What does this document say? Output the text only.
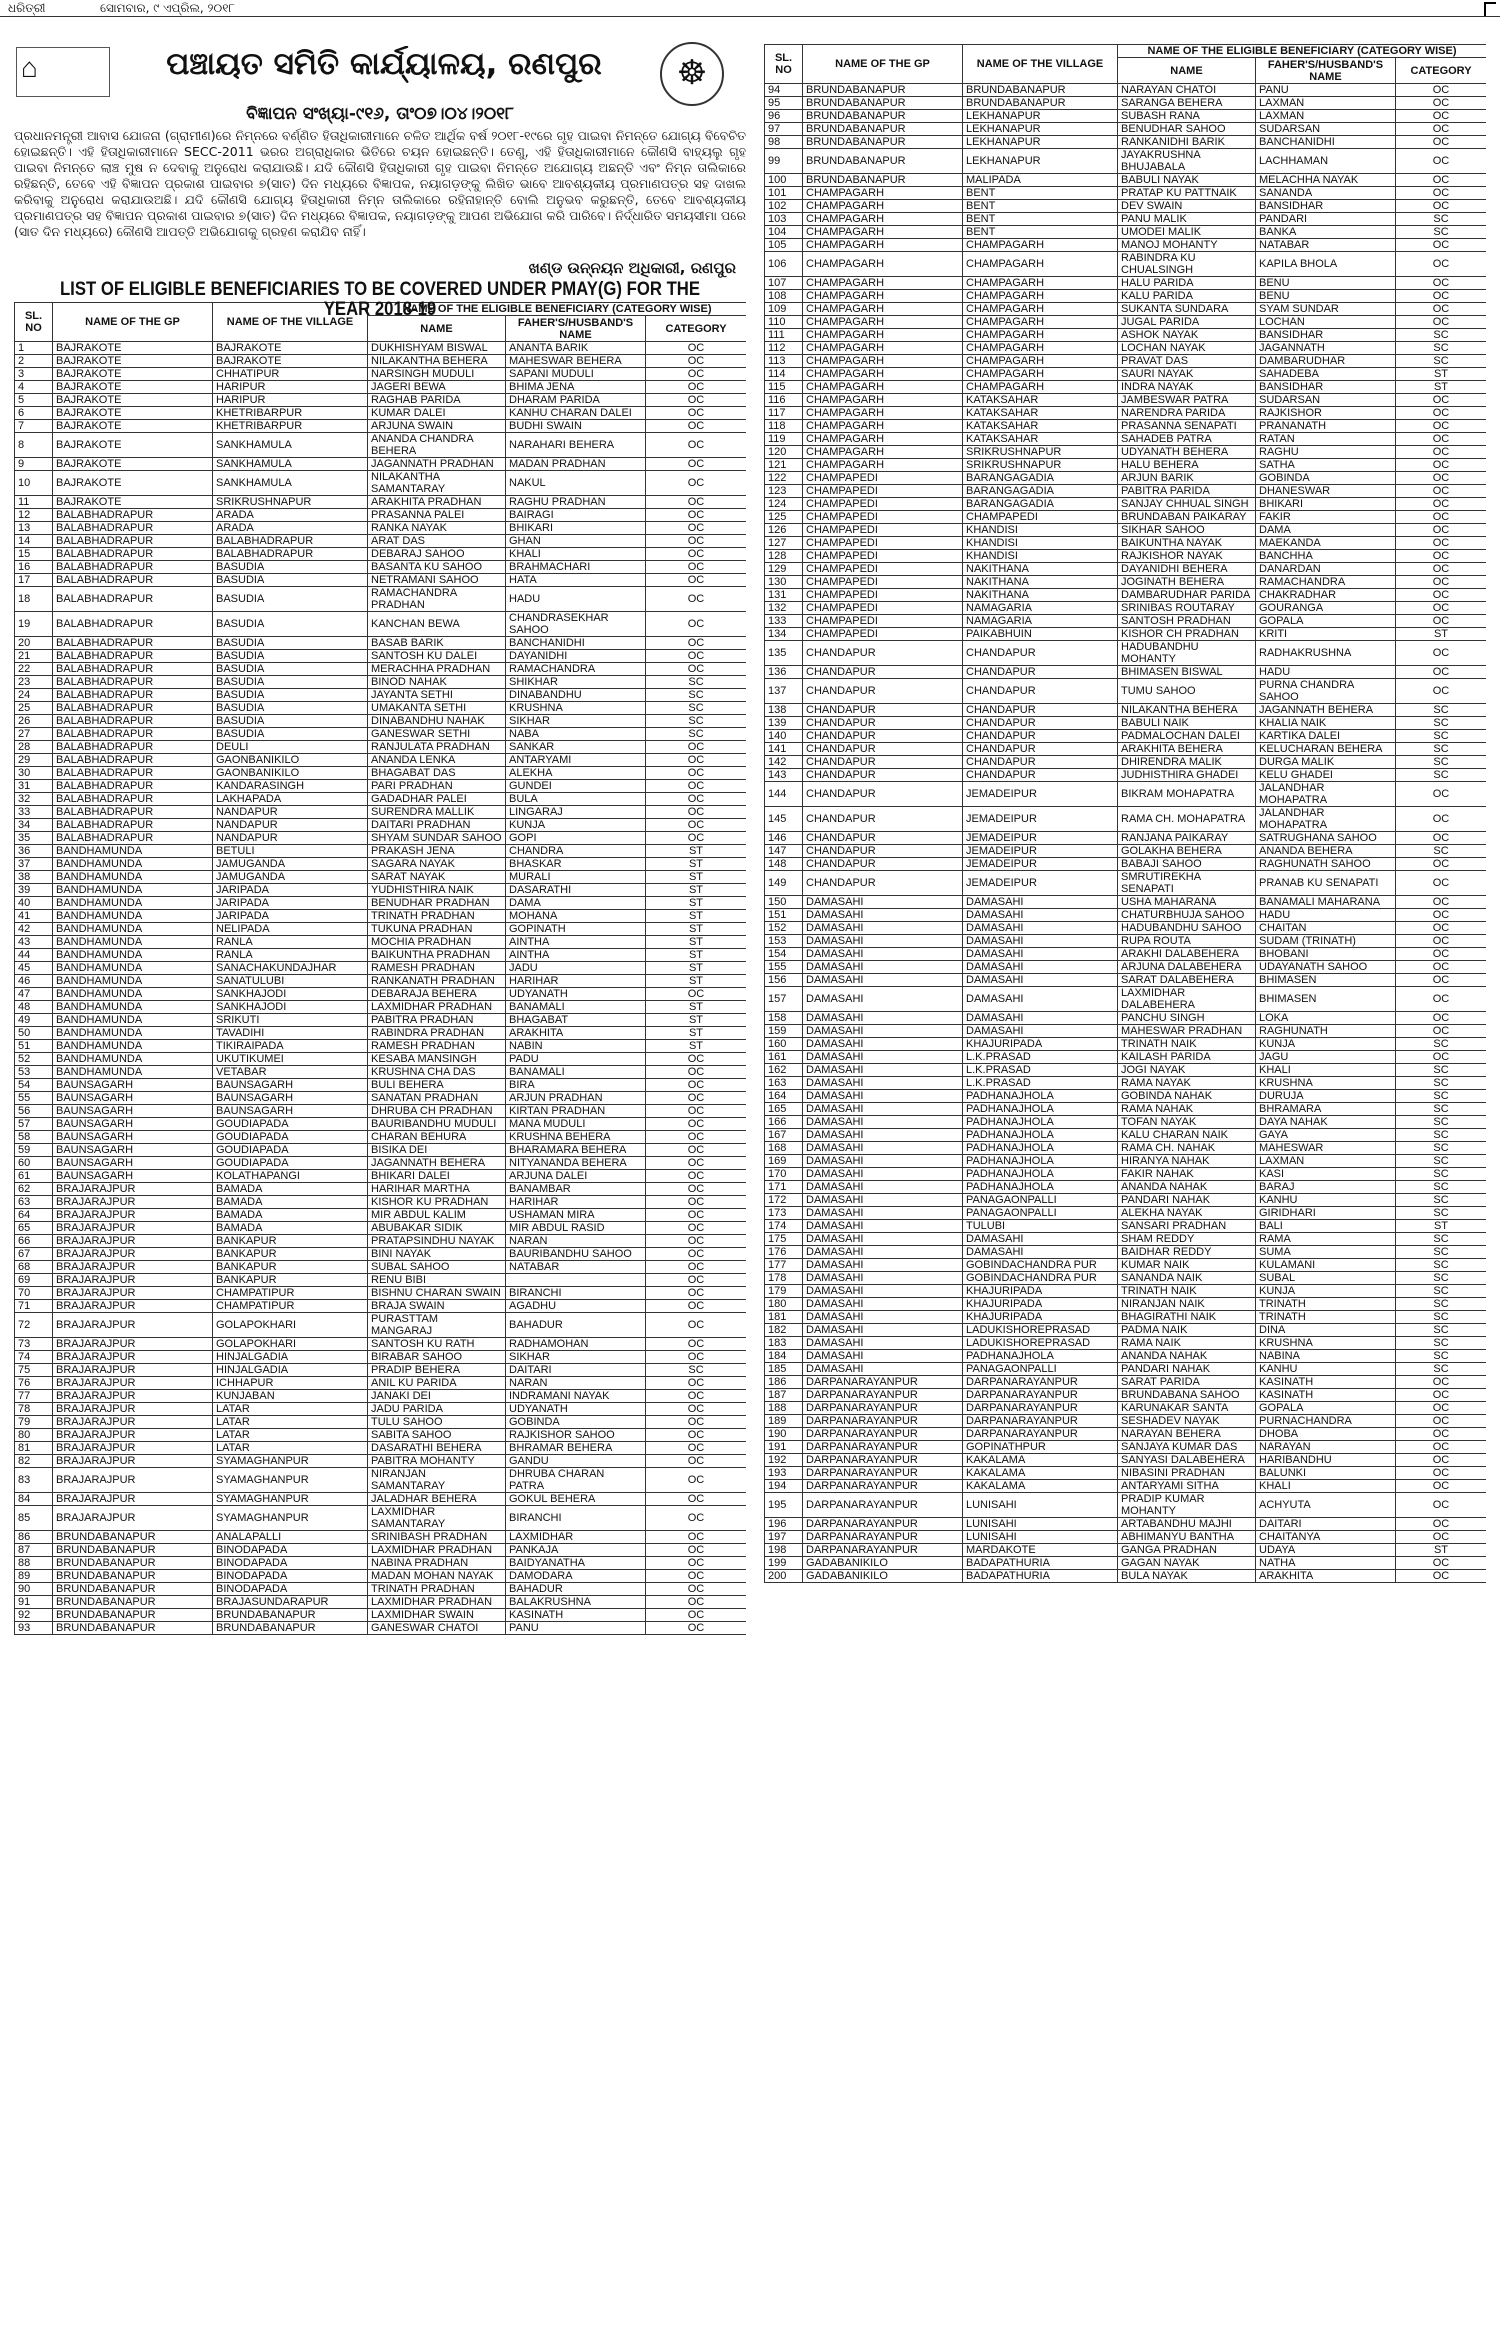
ଧରିତ୍ରୀ	ସୋମବାର, ୯ ଏପ୍ରିଲ, ୨୦୧୮
⌂	ପଞ୍ଚାୟତ ସମିତି କାର୍ଯ୍ୟାଳୟ, ରଣପୁର	☸
ବିଜ୍ଞାପନ ସଂଖ୍ୟା-୯୧୬, ତାଂ୦୭।୦୪।୨୦୧୮
ପ୍ରଧାନମନ୍ତ୍ରୀ ଆବାସ ଯୋଜନା (ଗ୍ରାମୀଣ)ରେ ନିମ୍ନରେ ବର୍ଣ୍ଣିତ ହିତାଧିକାରୀମାନେ ଚଳିତ ଆର୍ଥିକ ବର୍ଷ ୨୦୧୮-୧୯ରେ ଗୃହ ପାଇବା ନିମନ୍ତେ ଯୋଗ୍ୟ ବିବେଚିତ ହୋଇଛନ୍ତି। ଏହି ହିତାଧିକାରୀମାନେ SECC-2011 ଭରର ଅଗ୍ରାଧିକାର ଭିତିରେ ଚୟନ ହୋଇଛନ୍ତି। ତେଣୁ, ଏହି ହିତାଧିକାରୀମାନେ କୌଣସି ବାହ୍ୟଲୁ ଗୃହ ପାଇବା ନିମନ୍ତେ ଲାଞ୍ଚ ମୁଷ ନ ଦେବାକୁ ଅନୁରୋଧ କରାଯାଉଛି। ଯଦି କୌଣସି ହିତାଧିକାରୀ ଗୃହ ପାଇବା ନିମନ୍ତେ ଅଯୋଗ୍ୟ ଅଛନ୍ତି ଏବଂ ନିମ୍ନ ତାଲିକାରେ ରହିଛନ୍ତି, ତେବେ ଏହି ବିଜ୍ଞାପନ ପ୍ରକାଶ ପାଇବାର ୭(ସାତ) ଦିନ ମଧ୍ୟରେ ବିଜ୍ଞାପକ, ନୟାଗଡ଼ଙ୍କୁ ଲିଖିତ ଭାବେ ଆବଶ୍ୟକୀୟ ପ୍ରମାଣପତ୍ର ସହ ଦାଖଲ କରିବାକୁ ଅନୁରୋଧ କରାଯାଉଅଛି। ଯଦି କୌଣସି ଯୋଗ୍ୟ ହିତାଧିକାରୀ ନିମ୍ନ ତାଲିକାରେ ରହିନାହାନ୍ତି ବୋଲି ଅନୁଭବ କରୁଛନ୍ତି, ତେବେ ଆବଶ୍ୟକୀୟ ପ୍ରମାଣପତ୍ର ସହ ବିଜ୍ଞାପନ ପ୍ରକାଶ ପାଇବାର ୭(ସାତ) ଦିନ ମଧ୍ୟରେ ବିଜ୍ଞାପକ, ନୟାଗଡ଼ଙ୍କୁ ଆପଣ ଅଭିଯୋଗ କରି ପାରିବେ। ନିର୍ଦ୍ଧାରିତ ସମୟସୀମା ପରେ (ସାତ ଦିନ ମଧ୍ୟରେ) କୌଣସି ଆପତ୍ତି ଅଭିଯୋଗକୁ ଗ୍ରହଣ କରାଯିବ ନାହିଁ।
ଖଣ୍ଡ ଉନ୍ନୟନ ଅଧିକାରୀ, ରଣପୁର
LIST OF ELIGIBLE BENEFICIARIES TO BE COVERED UNDER PMAY(G) FOR THE YEAR 2018-19
SL. NO	NAME OF THE GP	NAME OF THE VILLAGE	NAME OF THE ELIGIBLE BENEFICIARY (CATEGORY WISE)		
			NAME	FAHER'S/HUSBAND'S NAME	CATEGORY
1	BAJRAKOTE	BAJRAKOTE	DUKHISHYAM BISWAL	ANANTA BARIK	OC
2	BAJRAKOTE	BAJRAKOTE	NILAKANTHA BEHERA	MAHESWAR BEHERA	OC
3	BAJRAKOTE	CHHATIPUR	NARSINGH MUDULI	SAPANI MUDULI	OC
4	BAJRAKOTE	HARIPUR	JAGERI BEWA	BHIMA JENA	OC
5	BAJRAKOTE	HARIPUR	RAGHAB PARIDA	DHARAM PARIDA	OC
6	BAJRAKOTE	KHETRIBARPUR	KUMAR DALEI	KANHU CHARAN DALEI	OC
7	BAJRAKOTE	KHETRIBARPUR	ARJUNA SWAIN	BUDHI SWAIN	OC
8	BAJRAKOTE	SANKHAMULA	ANANDA CHANDRA BEHERA	NARAHARI BEHERA	OC
9	BAJRAKOTE	SANKHAMULA	JAGANNATH PRADHAN	MADAN PRADHAN	OC
10	BAJRAKOTE	SANKHAMULA	NILAKANTHA SAMANTARAY	NAKUL	OC
11	BAJRAKOTE	SRIKRUSHNAPUR	ARAKHITA PRADHAN	RAGHU PRADHAN	OC
12	BALABHADRAPUR	ARADA	PRASANNA PALEI	BAIRAGI	OC
13	BALABHADRAPUR	ARADA	RANKA NAYAK	BHIKARI	OC
14	BALABHADRAPUR	BALABHADRAPUR	ARAT DAS	GHAN	OC
15	BALABHADRAPUR	BALABHADRAPUR	DEBARAJ SAHOO	KHALI	OC
16	BALABHADRAPUR	BASUDIA	BASANTA KU SAHOO	BRAHMACHARI	OC
17	BALABHADRAPUR	BASUDIA	NETRAMANI SAHOO	HATA	OC
18	BALABHADRAPUR	BASUDIA	RAMACHANDRA PRADHAN	HADU	OC
19	BALABHADRAPUR	BASUDIA	KANCHAN BEWA	CHANDRASEKHAR SAHOO	OC
20	BALABHADRAPUR	BASUDIA	BASAB BARIK	BANCHANIDHI	OC
21	BALABHADRAPUR	BASUDIA	SANTOSH KU DALEI	DAYANIDHI	OC
22	BALABHADRAPUR	BASUDIA	MERACHHA PRADHAN	RAMACHANDRA	OC
23	BALABHADRAPUR	BASUDIA	BINOD NAHAK	SHIKHAR	SC
24	BALABHADRAPUR	BASUDIA	JAYANTA SETHI	DINABANDHU	SC
25	BALABHADRAPUR	BASUDIA	UMAKANTA SETHI	KRUSHNA	SC
26	BALABHADRAPUR	BASUDIA	DINABANDHU NAHAK	SIKHAR	SC
27	BALABHADRAPUR	BASUDIA	GANESWAR SETHI	NABA	SC
28	BALABHADRAPUR	DEULI	RANJULATA PRADHAN	SANKAR	OC
29	BALABHADRAPUR	GAONBANIKILO	ANANDA LENKA	ANTARYAMI	OC
30	BALABHADRAPUR	GAONBANIKILO	BHAGABAT DAS	ALEKHA	OC
31	BALABHADRAPUR	KANDARASINGH	PARI PRADHAN	GUNDEI	OC
32	BALABHADRAPUR	LAKHAPADA	GADADHAR PALEI	BULA	OC
33	BALABHADRAPUR	NANDAPUR	SURENDRA MALLIK	LINGARAJ	OC
34	BALABHADRAPUR	NANDAPUR	DAITARI PRADHAN	KUNJA	OC
35	BALABHADRAPUR	NANDAPUR	SHYAM SUNDAR SAHOO	GOPI	OC
36	BANDHAMUNDA	BETULI	PRAKASH JENA	CHANDRA	ST
37	BANDHAMUNDA	JAMUGANDA	SAGARA NAYAK	BHASKAR	ST
38	BANDHAMUNDA	JAMUGANDA	SARAT NAYAK	MURALI	ST
39	BANDHAMUNDA	JARIPADA	YUDHISTHIRA NAIK	DASARATHI	ST
40	BANDHAMUNDA	JARIPADA	BENUDHAR PRADHAN	DAMA	ST
41	BANDHAMUNDA	JARIPADA	TRINATH PRADHAN	MOHANA	ST
42	BANDHAMUNDA	NELIPADA	TUKUNA PRADHAN	GOPINATH	ST
43	BANDHAMUNDA	RANLA	MOCHIA PRADHAN	AINTHA	ST
44	BANDHAMUNDA	RANLA	BAIKUNTHA PRADHAN	AINTHA	ST
45	BANDHAMUNDA	SANACHAKUNDAJHAR	RAMESH PRADHAN	JADU	ST
46	BANDHAMUNDA	SANATULUBI	RANKANATH PRADHAN	HARIHAR	ST
47	BANDHAMUNDA	SANKHAJODI	DEBARAJA BEHERA	UDYANATH	OC
48	BANDHAMUNDA	SANKHAJODI	LAXMIDHAR PRADHAN	BANAMALI	ST
49	BANDHAMUNDA	SRIKUTI	PABITRA PRADHAN	BHAGABAT	ST
50	BANDHAMUNDA	TAVADIHI	RABINDRA PRADHAN	ARAKHITA	ST
51	BANDHAMUNDA	TIKIRAIPADA	RAMESH PRADHAN	NABIN	ST
52	BANDHAMUNDA	UKUTIKUMEI	KESABA MANSINGH	PADU	OC
53	BANDHAMUNDA	VETABAR	KRUSHNA CHA DAS	BANAMALI	OC
54	BAUNSAGARH	BAUNSAGARH	BULI BEHERA	BIRA	OC
55	BAUNSAGARH	BAUNSAGARH	SANATAN PRADHAN	ARJUN PRADHAN	OC
56	BAUNSAGARH	BAUNSAGARH	DHRUBA CH PRADHAN	KIRTAN PRADHAN	OC
57	BAUNSAGARH	GOUDIAPADA	BAURIBANDHU MUDULI	MANA MUDULI	OC
58	BAUNSAGARH	GOUDIAPADA	CHARAN BEHURA	KRUSHNA BEHERA	OC
59	BAUNSAGARH	GOUDIAPADA	BISIKA DEI	BHARAMARA BEHERA	OC
60	BAUNSAGARH	GOUDIAPADA	JAGANNATH BEHERA	NITYANANDA BEHERA	OC
61	BAUNSAGARH	KOLATHAPANGI	BHIKARI DALEI	ARJUNA DALEI	OC
62	BRAJARAJPUR	BAMADA	HARIHAR MARTHA	BANAMBAR	OC
63	BRAJARAJPUR	BAMADA	KISHOR KU PRADHAN	HARIHAR	OC
64	BRAJARAJPUR	BAMADA	MIR ABDUL KALIM	USHAMAN MIRA	OC
65	BRAJARAJPUR	BAMADA	ABUBAKAR SIDIK	MIR ABDUL RASID	OC
66	BRAJARAJPUR	BANKAPUR	PRATAPSINDHU NAYAK	NARAN	OC
67	BRAJARAJPUR	BANKAPUR	BINI NAYAK	BAURIBANDHU SAHOO	OC
68	BRAJARAJPUR	BANKAPUR	SUBAL SAHOO	NATABAR	OC
69	BRAJARAJPUR	BANKAPUR	RENU BIBI		OC
70	BRAJARAJPUR	CHAMPATIPUR	BISHNU CHARAN SWAIN	BIRANCHI	OC
71	BRAJARAJPUR	CHAMPATIPUR	BRAJA SWAIN	AGADHU	OC
72	BRAJARAJPUR	GOLAPOKHARI	PURASTTAM MANGARAJ	BAHADUR	OC
73	BRAJARAJPUR	GOLAPOKHARI	SANTOSH KU RATH	RADHAMOHAN	OC
74	BRAJARAJPUR	HINJALGADIA	BIRABAR SAHOO	SIKHAR	OC
75	BRAJARAJPUR	HINJALGADIA	PRADIP BEHERA	DAITARI	SC
76	BRAJARAJPUR	ICHHAPUR	ANIL KU PARIDA	NARAN	OC
77	BRAJARAJPUR	KUNJABAN	JANAKI DEI	INDRAMANI NAYAK	OC
78	BRAJARAJPUR	LATAR	JADU PARIDA	UDYANATH	OC
79	BRAJARAJPUR	LATAR	TULU SAHOO	GOBINDA	OC
80	BRAJARAJPUR	LATAR	SABITA SAHOO	RAJKISHOR SAHOO	OC
81	BRAJARAJPUR	LATAR	DASARATHI BEHERA	BHRAMAR BEHERA	OC
82	BRAJARAJPUR	SYAMAGHANPUR	PABITRA MOHANTY	GANDU	OC
83	BRAJARAJPUR	SYAMAGHANPUR	NIRANJAN SAMANTARAY	DHRUBA CHARAN PATRA	OC
84	BRAJARAJPUR	SYAMAGHANPUR	JALADHAR BEHERA	GOKUL BEHERA	OC
85	BRAJARAJPUR	SYAMAGHANPUR	LAXMIDHAR SAMANTARAY	BIRANCHI	OC
86	BRUNDABANAPUR	ANALAPALLI	SRINIBASH PRADHAN	LAXMIDHAR	OC
87	BRUNDABANAPUR	BINODAPADA	LAXMIDHAR PRADHAN	PANKAJA	OC
88	BRUNDABANAPUR	BINODAPADA	NABINA PRADHAN	BAIDYANATHA	OC
89	BRUNDABANAPUR	BINODAPADA	MADAN MOHAN NAYAK	DAMODARA	OC
90	BRUNDABANAPUR	BINODAPADA	TRINATH PRADHAN	BAHADUR	OC
91	BRUNDABANAPUR	BRAJASUNDARAPUR	LAXMIDHAR PRADHAN	BALAKRUSHNA	OC
92	BRUNDABANAPUR	BRUNDABANAPUR	LAXMIDHAR SWAIN	KASINATH	OC
93	BRUNDABANAPUR	BRUNDABANAPUR	GANESWAR CHATOI	PANU	OC
SL. NO	NAME OF THE GP	NAME OF THE VILLAGE	NAME OF THE ELIGIBLE BENEFICIARY (CATEGORY WISE)		
			NAME	FAHER'S/HUSBAND'S NAME	CATEGORY
94	BRUNDABANAPUR	BRUNDABANAPUR	NARAYAN CHATOI	PANU	OC
95	BRUNDABANAPUR	BRUNDABANAPUR	SARANGA BEHERA	LAXMAN	OC
96	BRUNDABANAPUR	LEKHANAPUR	SUBASH RANA	LAXMAN	OC
97	BRUNDABANAPUR	LEKHANAPUR	BENUDHAR SAHOO	SUDARSAN	OC
98	BRUNDABANAPUR	LEKHANAPUR	RANKANIDHI BARIK	BANCHANIDHI	OC
99	BRUNDABANAPUR	LEKHANAPUR	JAYAKRUSHNA BHUJABALA	LACHHAMAN	OC
100	BRUNDABANAPUR	MALIPADA	BABULI NAYAK	MELACHHA NAYAK	OC
101	CHAMPAGARH	BENT	PRATAP KU PATTNAIK	SANANDA	OC
102	CHAMPAGARH	BENT	DEV SWAIN	BANSIDHAR	OC
103	CHAMPAGARH	BENT	PANU MALIK	PANDARI	SC
104	CHAMPAGARH	BENT	UMODEI MALIK	BANKA	SC
105	CHAMPAGARH	CHAMPAGARH	MANOJ MOHANTY	NATABAR	OC
106	CHAMPAGARH	CHAMPAGARH	RABINDRA KU CHUALSINGH	KAPILA BHOLA	OC
107	CHAMPAGARH	CHAMPAGARH	HALU PARIDA	BENU	OC
108	CHAMPAGARH	CHAMPAGARH	KALU PARIDA	BENU	OC
109	CHAMPAGARH	CHAMPAGARH	SUKANTA SUNDARA	SYAM SUNDAR	OC
110	CHAMPAGARH	CHAMPAGARH	JUGAL PARIDA	LOCHAN	OC
111	CHAMPAGARH	CHAMPAGARH	ASHOK NAYAK	BANSIDHAR	SC
112	CHAMPAGARH	CHAMPAGARH	LOCHAN NAYAK	JAGANNATH	SC
113	CHAMPAGARH	CHAMPAGARH	PRAVAT DAS	DAMBARUDHAR	SC
114	CHAMPAGARH	CHAMPAGARH	SAURI NAYAK	SAHADEBA	ST
115	CHAMPAGARH	CHAMPAGARH	INDRA NAYAK	BANSIDHAR	ST
116	CHAMPAGARH	KATAKSAHAR	JAMBESWAR PATRA	SUDARSAN	OC
117	CHAMPAGARH	KATAKSAHAR	NARENDRA PARIDA	RAJKISHOR	OC
118	CHAMPAGARH	KATAKSAHAR	PRASANNA SENAPATI	PRANANATH	OC
119	CHAMPAGARH	KATAKSAHAR	SAHADEB PATRA	RATAN	OC
120	CHAMPAGARH	SRIKRUSHNAPUR	UDYANATH BEHERA	RAGHU	OC
121	CHAMPAGARH	SRIKRUSHNAPUR	HALU BEHERA	SATHA	OC
122	CHAMPAPEDI	BARANGAGADIA	ARJUN BARIK	GOBINDA	OC
123	CHAMPAPEDI	BARANGAGADIA	PABITRA PARIDA	DHANESWAR	OC
124	CHAMPAPEDI	BARANGAGADIA	SANJAY CHHUAL SINGH	BHIKARI	OC
125	CHAMPAPEDI	CHAMPAPEDI	BRUNDABAN PAIKARAY	FAKIR	OC
126	CHAMPAPEDI	KHANDISI	SIKHAR SAHOO	DAMA	OC
127	CHAMPAPEDI	KHANDISI	BAIKUNTHA NAYAK	MAEKANDA	OC
128	CHAMPAPEDI	KHANDISI	RAJKISHOR NAYAK	BANCHHA	OC
129	CHAMPAPEDI	NAKITHANA	DAYANIDHI BEHERA	DANARDAN	OC
130	CHAMPAPEDI	NAKITHANA	JOGINATH BEHERA	RAMACHANDRA	OC
131	CHAMPAPEDI	NAKITHANA	DAMBARUDHAR PARIDA	CHAKRADHAR	OC
132	CHAMPAPEDI	NAMAGARIA	SRINIBAS ROUTARAY	GOURANGA	OC
133	CHAMPAPEDI	NAMAGARIA	SANTOSH PRADHAN	GOPALA	OC
134	CHAMPAPEDI	PAIKABHUIN	KISHOR CH PRADHAN	KRITI	ST
135	CHANDAPUR	CHANDAPUR	HADUBANDHU MOHANTY	RADHAKRUSHNA	OC
136	CHANDAPUR	CHANDAPUR	BHIMASEN BISWAL	HADU	OC
137	CHANDAPUR	CHANDAPUR	TUMU SAHOO	PURNA CHANDRA SAHOO	OC
138	CHANDAPUR	CHANDAPUR	NILAKANTHA BEHERA	JAGANNATH BEHERA	SC
139	CHANDAPUR	CHANDAPUR	BABULI NAIK	KHALIA NAIK	SC
140	CHANDAPUR	CHANDAPUR	PADMALOCHAN DALEI	KARTIKA DALEI	SC
141	CHANDAPUR	CHANDAPUR	ARAKHITA BEHERA	KELUCHARAN BEHERA	SC
142	CHANDAPUR	CHANDAPUR	DHIRENDRA MALIK	DURGA MALIK	SC
143	CHANDAPUR	CHANDAPUR	JUDHISTHIRA GHADEI	KELU GHADEI	SC
144	CHANDAPUR	JEMADEIPUR	BIKRAM MOHAPATRA	JALANDHAR MOHAPATRA	OC
145	CHANDAPUR	JEMADEIPUR	RAMA CH. MOHAPATRA	JALANDHAR MOHAPATRA	OC
146	CHANDAPUR	JEMADEIPUR	RANJANA PAIKARAY	SATRUGHANA SAHOO	OC
147	CHANDAPUR	JEMADEIPUR	GOLAKHA BEHERA	ANANDA BEHERA	SC
148	CHANDAPUR	JEMADEIPUR	BABAJI SAHOO	RAGHUNATH SAHOO	OC
149	CHANDAPUR	JEMADEIPUR	SMRUTIREKHA SENAPATI	PRANAB KU SENAPATI	OC
150	DAMASAHI	DAMASAHI	USHA MAHARANA	BANAMALI MAHARANA	OC
151	DAMASAHI	DAMASAHI	CHATURBHUJA SAHOO	HADU	OC
152	DAMASAHI	DAMASAHI	HADUBANDHU SAHOO	CHAITAN	OC
153	DAMASAHI	DAMASAHI	RUPA ROUTA	SUDAM (TRINATH)	OC
154	DAMASAHI	DAMASAHI	ARAKHI DALABEHERA	BHOBANI	OC
155	DAMASAHI	DAMASAHI	ARJUNA DALABEHERA	UDAYANATH SAHOO	OC
156	DAMASAHI	DAMASAHI	SARAT DALABEHERA	BHIMASEN	OC
157	DAMASAHI	DAMASAHI	LAXMIDHAR DALABEHERA	BHIMASEN	OC
158	DAMASAHI	DAMASAHI	PANCHU SINGH	LOKA	OC
159	DAMASAHI	DAMASAHI	MAHESWAR PRADHAN	RAGHUNATH	OC
160	DAMASAHI	KHAJURIPADA	TRINATH NAIK	KUNJA	SC
161	DAMASAHI	L.K.PRASAD	KAILASH PARIDA	JAGU	OC
162	DAMASAHI	L.K.PRASAD	JOGI NAYAK	KHALI	SC
163	DAMASAHI	L.K.PRASAD	RAMA NAYAK	KRUSHNA	SC
164	DAMASAHI	PADHANAJHOLA	GOBINDA NAHAK	DURUJA	SC
165	DAMASAHI	PADHANAJHOLA	RAMA NAHAK	BHRAMARA	SC
166	DAMASAHI	PADHANAJHOLA	TOFAN NAYAK	DAYA NAHAK	SC
167	DAMASAHI	PADHANAJHOLA	KALU CHARAN NAIK	GAYA	SC
168	DAMASAHI	PADHANAJHOLA	RAMA CH. NAHAK	MAHESWAR	SC
169	DAMASAHI	PADHANAJHOLA	HIRANYA NAHAK	LAXMAN	SC
170	DAMASAHI	PADHANAJHOLA	FAKIR NAHAK	KASI	SC
171	DAMASAHI	PADHANAJHOLA	ANANDA NAHAK	BARAJ	SC
172	DAMASAHI	PANAGAONPALLI	PANDARI NAHAK	KANHU	SC
173	DAMASAHI	PANAGAONPALLI	ALEKHA NAYAK	GIRIDHARI	SC
174	DAMASAHI	TULUBI	SANSARI PRADHAN	BALI	ST
175	DAMASAHI	DAMASAHI	SHAM REDDY	RAMA	SC
176	DAMASAHI	DAMASAHI	BAIDHAR REDDY	SUMA	SC
177	DAMASAHI	GOBINDACHANDRA PUR	KUMAR NAIK	KULAMANI	SC
178	DAMASAHI	GOBINDACHANDRA PUR	SANANDA NAIK	SUBAL	SC
179	DAMASAHI	KHAJURIPADA	TRINATH NAIK	KUNJA	SC
180	DAMASAHI	KHAJURIPADA	NIRANJAN NAIK	TRINATH	SC
181	DAMASAHI	KHAJURIPADA	BHAGIRATHI NAIK	TRINATH	SC
182	DAMASAHI	LADUKISHOREPRASAD	PADMA NAIK	DINA	SC
183	DAMASAHI	LADUKISHOREPRASAD	RAMA NAIK	KRUSHNA	SC
184	DAMASAHI	PADHANAJHOLA	ANANDA NAHAK	NABINA	SC
185	DAMASAHI	PANAGAONPALLI	PANDARI NAHAK	KANHU	SC
186	DARPANARAYANPUR	DARPANARAYANPUR	SARAT PARIDA	KASINATH	OC
187	DARPANARAYANPUR	DARPANARAYANPUR	BRUNDABANA SAHOO	KASINATH	OC
188	DARPANARAYANPUR	DARPANARAYANPUR	KARUNAKAR SANTA	GOPALA	OC
189	DARPANARAYANPUR	DARPANARAYANPUR	SESHADEV NAYAK	PURNACHANDRA	OC
190	DARPANARAYANPUR	DARPANARAYANPUR	NARAYAN BEHERA	DHOBA	OC
191	DARPANARAYANPUR	GOPINATHPUR	SANJAYA KUMAR DAS	NARAYAN	OC
192	DARPANARAYANPUR	KAKALAMA	SANYASI DALABEHERA	HARIBANDHU	OC
193	DARPANARAYANPUR	KAKALAMA	NIBASINI PRADHAN	BALUNKI	OC
194	DARPANARAYANPUR	KAKALAMA	ANTARYAMI SITHA	KHALI	OC
195	DARPANARAYANPUR	LUNISAHI	PRADIP KUMAR MOHANTY	ACHYUTA	OC
196	DARPANARAYANPUR	LUNISAHI	ARTABANDHU MAJHI	DAITARI	OC
197	DARPANARAYANPUR	LUNISAHI	ABHIMANYU BANTHA	CHAITANYA	OC
198	DARPANARAYANPUR	MARDAKOTE	GANGA PRADHAN	UDAYA	ST
199	GADABANIKILO	BADAPATHURIA	GAGAN NAYAK	NATHA	OC
200	GADABANIKILO	BADAPATHURIA	BULA NAYAK	ARAKHITA	OC
